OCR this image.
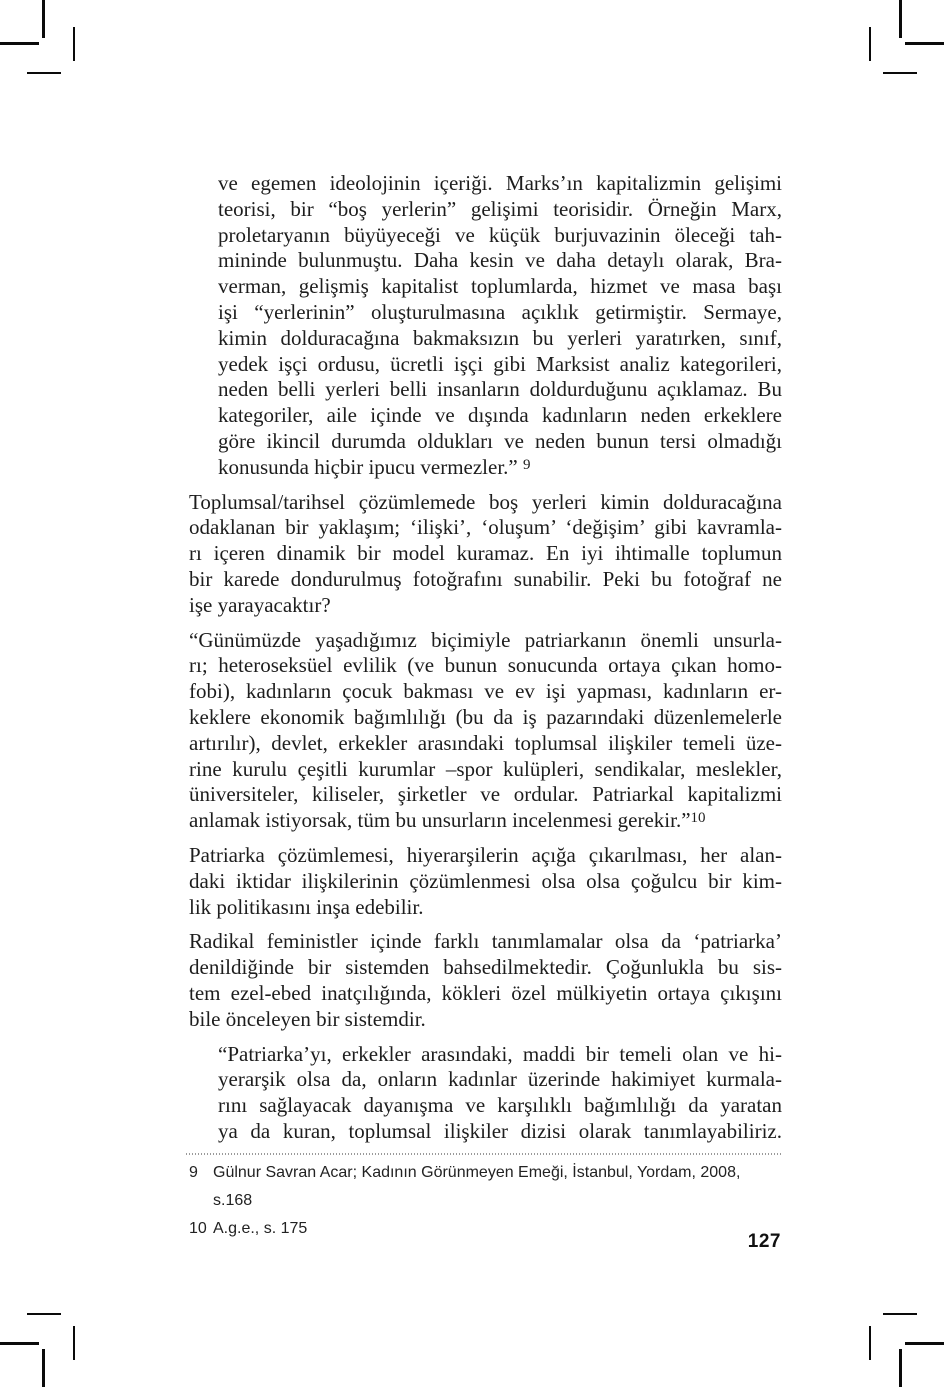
ve egemen ideolojinin içeriği. Marks’ın kapitalizmin gelişimi
teorisi, bir “boş yerlerin” gelişimi teorisidir. Örneğin Marx,
proletaryanın büyüyeceği ve küçük burjuvazinin öleceği tah-
mininde bulunmuştu. Daha kesin ve daha detaylı olarak, Bra-
verman, gelişmiş kapitalist toplumlarda, hizmet ve masa başı
işi “yerlerinin” oluşturulmasına açıklık getirmiştir. Sermaye,
kimin dolduracağına bakmaksızın bu yerleri yaratırken, sınıf,
yedek işçi ordusu, ücretli işçi gibi Marksist analiz kategorileri,
neden belli yerleri belli insanların doldurduğunu açıklamaz. Bu
kategoriler, aile içinde ve dışında kadınların neden erkeklere
göre ikincil durumda oldukları ve neden bunun tersi olmadığı
konusunda hiçbir ipucu vermezler.” $^9$
Toplumsal/tarihsel çözümlemede boş yerleri kimin dolduracağına
odaklanan bir yaklaşım; ‘ilişki’, ‘oluşum’ ‘değişim’ gibi kavramla-
rı içeren dinamik bir model kuramaz. En iyi ihtimalle toplumun
bir karede dondurulmuş fotoğrafını sunabilir. Peki bu fotoğraf ne
işe yarayacaktır?
“Günümüzde yaşadığımız biçimiyle patriarkanın önemli unsurla-
rı; heteroseksüel evlilik (ve bunun sonucunda ortaya çıkan homo-
fobi), kadınların çocuk bakması ve ev işi yapması, kadınların er-
keklere ekonomik bağımlılığı (bu da iş pazarındaki düzenlemelerle
artırılır), devlet, erkekler arasındaki toplumsal ilişkiler temeli üze-
rine kurulu çeşitli kurumlar –spor kulüpleri, sendikalar, meslekler,
üniversiteler, kiliseler, şirketler ve ordular. Patriarkal kapitalizmi
anlamak istiyorsak, tüm bu unsurların incelenmesi gerekir.”$^{10}$
Patriarka çözümlemesi, hiyerarşilerin açığa çıkarılması, her alan-
daki iktidar ilişkilerinin çözümlenmesi olsa olsa çoğulcu bir kim-
lik politikasını inşa edebilir.
Radikal feministler içinde farklı tanımlamalar olsa da ‘patriarka’
denildiğinde bir sistemden bahsedilmektedir. Çoğunlukla bu sis-
tem ezel-ebed inatçılığında, kökleri özel mülkiyetin ortaya çıkışını
bile önceleyen bir sistemdir.
“Patriarka’yı, erkekler arasındaki, maddi bir temeli olan ve hi-
yerarşik olsa da, onların kadınlar üzerinde hakimiyet kurmala-
rını sağlayacak dayanışma ve karşılıklı bağımlılığı da yaratan
ya da kuran, toplumsal ilişkiler dizisi olarak tanımlayabiliriz.
9 Gülnur Savran Acar; Kadının Görünmeyen Emeği, İstanbul, Yordam, 2008, s.168
10 A.g.e., s. 175
127
